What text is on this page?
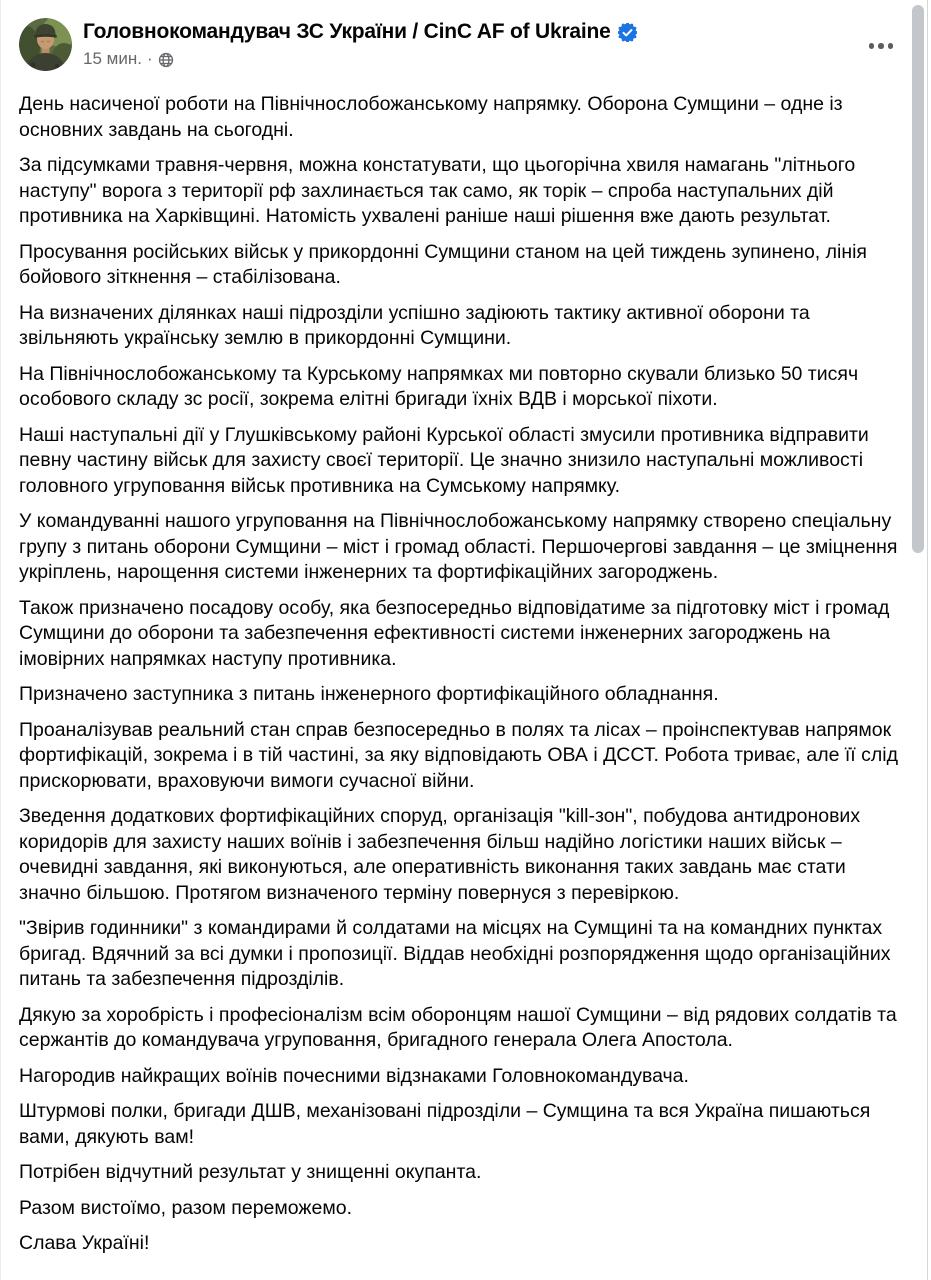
Головнокомандувач ЗС України / CinC AF of Ukraine
15 мин. ·

День насиченої роботи на Північнослобожанському напрямку. Оборона Сумщини – одне із основних завдань на сьогодні.

За підсумками травня-червня, можна констатувати, що цьогорічна хвиля намагань "літнього наступу" ворога з території рф захлинається так само, як торік – спроба наступальних дій противника на Харківщині. Натомість ухвалені раніше наші рішення вже дають результат.

Просування російських військ у прикордонні Сумщини станом на цей тиждень зупинено, лінія бойового зіткнення – стабілізована.

На визначених ділянках наші підрозділи успішно задіюють тактику активної оборони та звільняють українську землю в прикордонні Сумщини.

На Північнослобожанському та Курському напрямках ми повторно скували близько 50 тисяч особового складу зс росії, зокрема елітні бригади їхніх ВДВ і морської піхоти.

Наші наступальні дії у Глушківському районі Курської області змусили противника відправити певну частину військ для захисту своєї території. Це значно знизило наступальні можливості головного угруповання військ противника на Сумському напрямку.

У командуванні нашого угруповання на Північнослобожанському напрямку створено спеціальну групу з питань оборони Сумщини – міст і громад області. Першочергові завдання – це зміцнення укріплень, нарощення системи інженерних та фортифікаційних загороджень.

Також призначено посадову особу, яка безпосередньо відповідатиме за підготовку міст і громад Сумщини до оборони та забезпечення ефективності системи інженерних загороджень на імовірних напрямках наступу противника.

Призначено заступника з питань інженерного фортифікаційного обладнання.

Проаналізував реальний стан справ безпосередньо в полях та лісах – проінспектував напрямок фортифікацій, зокрема і в тій частині, за яку відповідають ОВА і ДССТ. Робота триває, але її слід прискорювати, враховуючи вимоги сучасної війни.

Зведення додаткових фортифікаційних споруд, організація "kill-зон", побудова антидронових коридорів для захисту наших воїнів і забезпечення більш надійно логістики наших військ – очевидні завдання, які виконуються, але оперативність виконання таких завдань має стати значно більшою. Протягом визначеного терміну повернуся з перевіркою.

"Звірив годинники" з командирами й солдатами на місцях на Сумщині та на командних пунктах бригад. Вдячний за всі думки і пропозиції. Віддав необхідні розпорядження щодо організаційних питань та забезпечення підрозділів.

Дякую за хоробрість і професіоналізм всім оборонцям нашої Сумщини – від рядових солдатів та сержантів до командувача угруповання, бригадного генерала Олега Апостола.

Нагородив найкращих воїнів почесними відзнаками Головнокомандувача.

Штурмові полки, бригади ДШВ, механізовані підрозділи – Сумщина та вся Україна пишаються вами, дякують вам!

Потрібен відчутний результат у знищенні окупанта.

Разом вистоїмо, разом переможемо.

Слава Україні!
